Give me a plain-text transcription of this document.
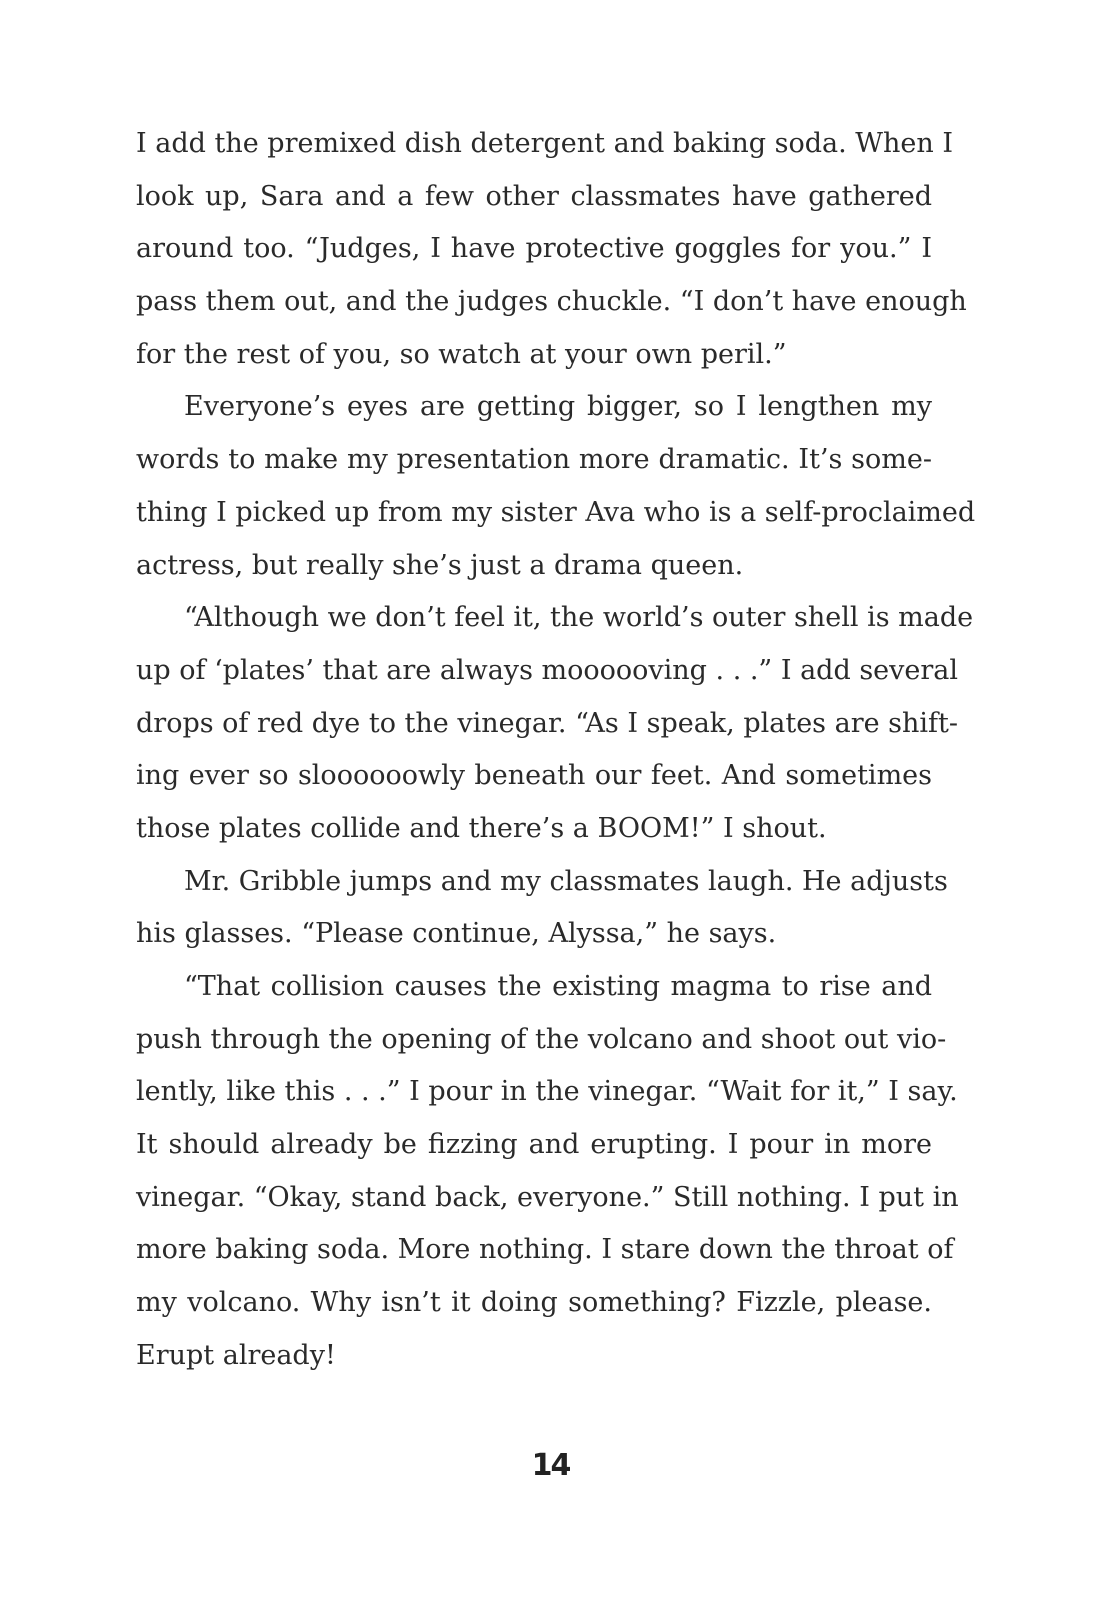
I add the premixed dish detergent and baking soda. When I
look up, Sara and a few other classmates have gathered
around too. “Judges, I have protective goggles for you.” I
pass them out, and the judges chuckle. “I don’t have enough
for the rest of you, so watch at your own peril.”
Everyone’s eyes are getting bigger, so I lengthen my
words to make my presentation more dramatic. It’s some-
thing I picked up from my sister Ava who is a self-proclaimed
actress, but really she’s just a drama queen.
“Although we don’t feel it, the world’s outer shell is made
up of ‘plates’ that are always moooooving . . .” I add several
drops of red dye to the vinegar. “As I speak, plates are shift-
ing ever so sloooooowly beneath our feet. And sometimes
those plates collide and there’s a BOOM!” I shout.
Mr. Gribble jumps and my classmates laugh. He adjusts
his glasses. “Please continue, Alyssa,” he says.
“That collision causes the existing magma to rise and
push through the opening of the volcano and shoot out vio-
lently, like this . . .” I pour in the vinegar. “Wait for it,” I say.
It should already be fizzing and erupting. I pour in more
vinegar. “Okay, stand back, everyone.” Still nothing. I put in
more baking soda. More nothing. I stare down the throat of
my volcano. Why isn’t it doing something? Fizzle, please.
Erupt already!
14
